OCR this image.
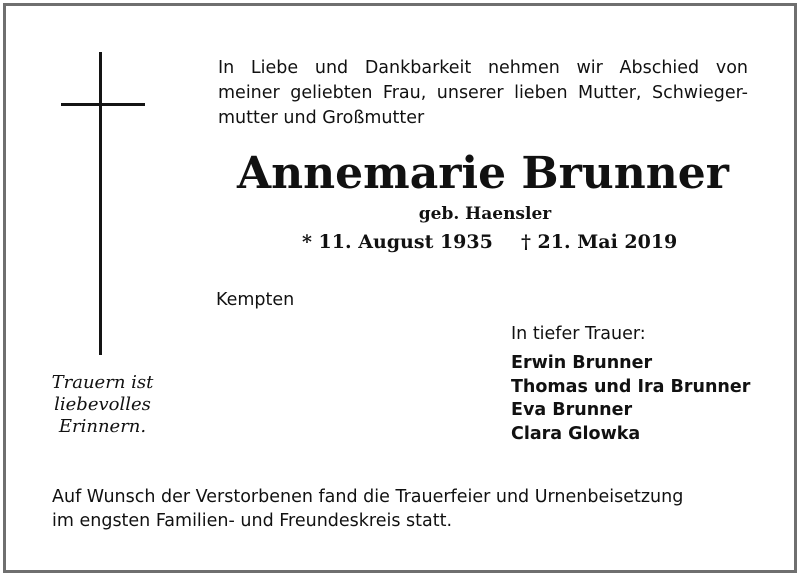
Trauern ist
liebevolles
Erinnern.
In Liebe und Dankbarkeit nehmen wir Abschied von
meiner geliebten Frau, unserer lieben Mutter, Schwieger-
mutter und Großmutter
Annemarie Brunner
geb. Haensler
* 11. August 1935 † 21. Mai 2019
Kempten
In tiefer Trauer:
Erwin Brunner
Thomas und Ira Brunner
Eva Brunner
Clara Glowka
Auf Wunsch der Verstorbenen fand die Trauerfeier und Urnenbeisetzung
im engsten Familien- und Freundeskreis statt.
